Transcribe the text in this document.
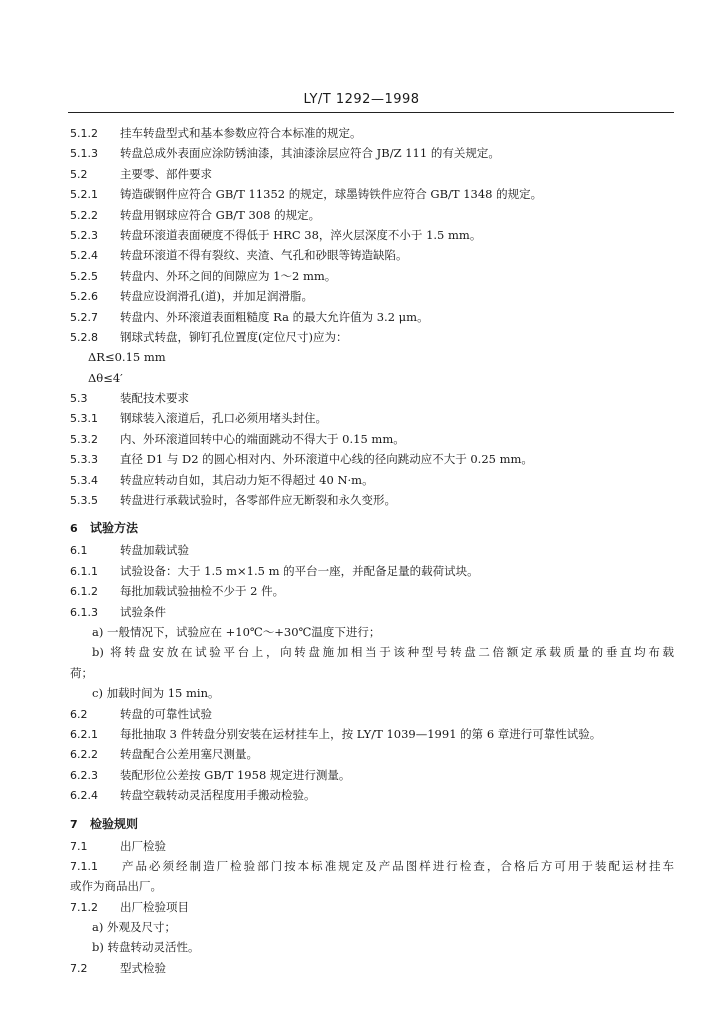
LY/T 1292—1998
5.1.2 挂车转盘型式和基本参数应符合本标准的规定。
5.1.3 转盘总成外表面应涂防锈油漆，其油漆涂层应符合 JB/Z 111 的有关规定。
5.2	主要零、部件要求
5.2.1 铸造碳钢件应符合 GB/T 11352 的规定，球墨铸铁件应符合 GB/T 1348 的规定。
5.2.2 转盘用钢球应符合 GB/T 308 的规定。
5.2.3 转盘环滚道表面硬度不得低于 HRC 38，淬火层深度不小于 1.5 mm。
5.2.4 转盘环滚道不得有裂纹、夹渣、气孔和砂眼等铸造缺陷。
5.2.5 转盘内、外环之间的间隙应为 1～2 mm。
5.2.6 转盘应设润滑孔(道)，并加足润滑脂。
5.2.7 转盘内、外环滚道表面粗糙度 Ra 的最大允许值为 3.2 μm。
5.2.8 钢球式转盘，铆钉孔位置度(定位尺寸)应为：
ΔR≤0.15 mm
Δθ≤4′
5.3	装配技术要求
5.3.1 钢球装入滚道后，孔口必须用堵头封住。
5.3.2 内、外环滚道回转中心的端面跳动不得大于 0.15 mm。
5.3.3 直径 D1 与 D2 的圆心相对内、外环滚道中心线的径向跳动应不大于 0.25 mm。
5.3.4 转盘应转动自如，其启动力矩不得超过 40 N·m。
5.3.5 转盘进行承载试验时，各零部件应无断裂和永久变形。
6 试验方法
6.1	转盘加载试验
6.1.1 试验设备：大于 1.5 m×1.5 m 的平台一座，并配备足量的载荷试块。
6.1.2 每批加载试验抽检不少于 2 件。
6.1.3 试验条件
a) 一般情况下，试验应在 +10℃～+30℃温度下进行；
b) 将转盘安放在试验平台上，向转盘施加相当于该种型号转盘二倍额定承载质量的垂直均布载
荷；
c) 加载时间为 15 min。
6.2	转盘的可靠性试验
6.2.1 每批抽取 3 件转盘分别安装在运材挂车上，按 LY/T 1039—1991 的第 6 章进行可靠性试验。
6.2.2 转盘配合公差用塞尺测量。
6.2.3 装配形位公差按 GB/T 1958 规定进行测量。
6.2.4 转盘空载转动灵活程度用手搬动检验。
7 检验规则
7.1	出厂检验
7.1.1 产品必须经制造厂检验部门按本标准规定及产品图样进行检查，合格后方可用于装配运材挂车
或作为商品出厂。
7.1.2 出厂检验项目
a) 外观及尺寸；
b) 转盘转动灵活性。
7.2	型式检验
